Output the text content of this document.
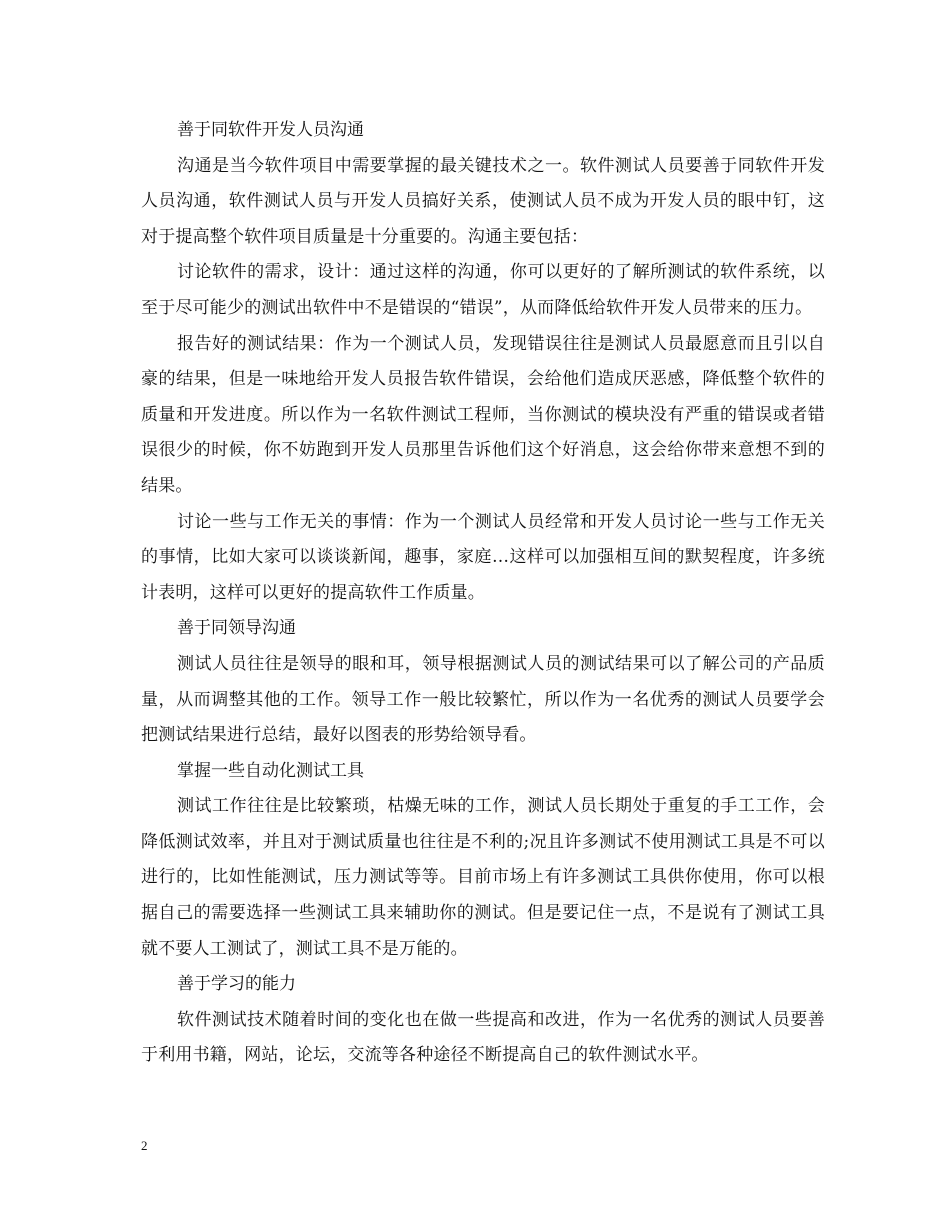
善于同软件开发人员沟通

沟通是当今软件项目中需要掌握的最关键技术之一。软件测试人员要善于同软件开发人员沟通，软件测试人员与开发人员搞好关系，使测试人员不成为开发人员的眼中钉，这对于提高整个软件项目质量是十分重要的。沟通主要包括：

讨论软件的需求，设计：通过这样的沟通，你可以更好的了解所测试的软件系统，以至于尽可能少的测试出软件中不是错误的“错误”，从而降低给软件开发人员带来的压力。

报告好的测试结果：作为一个测试人员，发现错误往往是测试人员最愿意而且引以自豪的结果，但是一味地给开发人员报告软件错误，会给他们造成厌恶感，降低整个软件的质量和开发进度。所以作为一名软件测试工程师，当你测试的模块没有严重的错误或者错误很少的时候，你不妨跑到开发人员那里告诉他们这个好消息，这会给你带来意想不到的结果。

讨论一些与工作无关的事情：作为一个测试人员经常和开发人员讨论一些与工作无关的事情，比如大家可以谈谈新闻，趣事，家庭…这样可以加强相互间的默契程度，许多统计表明，这样可以更好的提高软件工作质量。

善于同领导沟通

测试人员往往是领导的眼和耳，领导根据测试人员的测试结果可以了解公司的产品质量，从而调整其他的工作。领导工作一般比较繁忙，所以作为一名优秀的测试人员要学会把测试结果进行总结，最好以图表的形势给领导看。

掌握一些自动化测试工具

测试工作往往是比较繁琐，枯燥无味的工作，测试人员长期处于重复的手工工作，会降低测试效率，并且对于测试质量也往往是不利的;况且许多测试不使用测试工具是不可以进行的，比如性能测试，压力测试等等。目前市场上有许多测试工具供你使用，你可以根据自己的需要选择一些测试工具来辅助你的测试。但是要记住一点，不是说有了测试工具就不要人工测试了，测试工具不是万能的。

善于学习的能力

软件测试技术随着时间的变化也在做一些提高和改进，作为一名优秀的测试人员要善于利用书籍，网站，论坛，交流等各种途径不断提高自己的软件测试水平。

2
